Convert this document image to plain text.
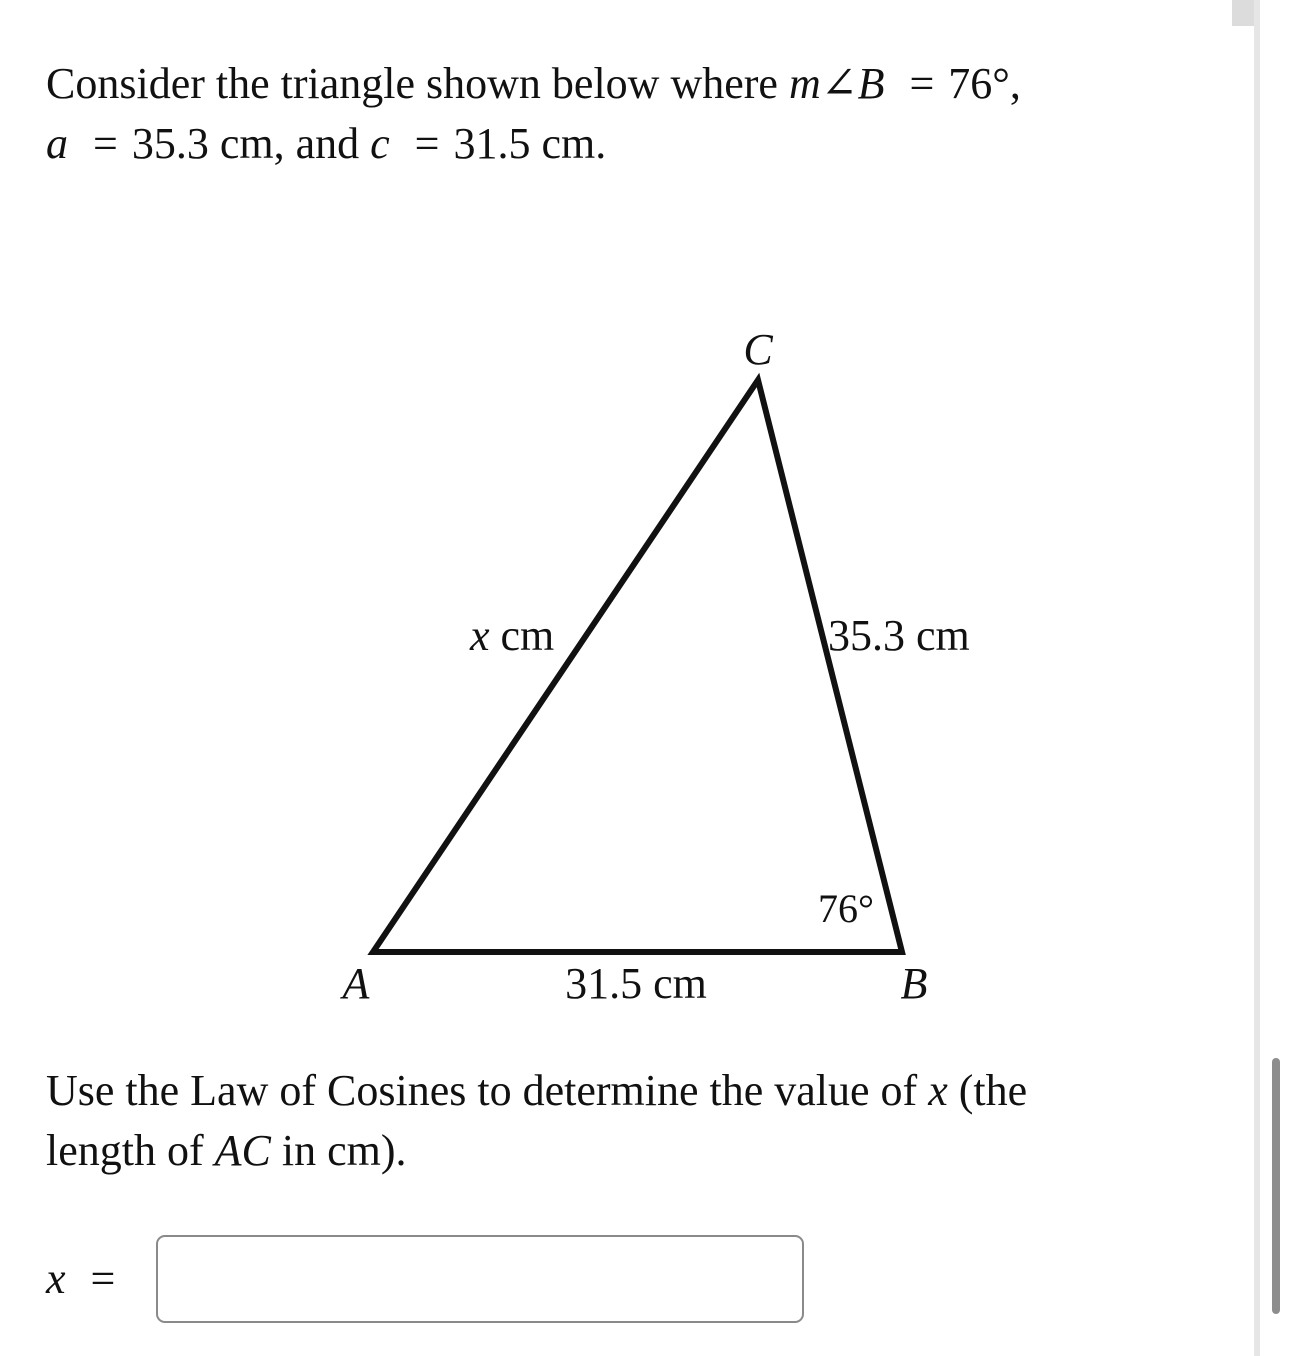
Consider the triangle shown below where m∠B = 76°,
a = 35.3 cm, and c = 31.5 cm.
C
A	B
x cm	35.3 cm
31.5 cm
76°
Use the Law of Cosines to determine the value of x (the
length of AC in cm).
x =
